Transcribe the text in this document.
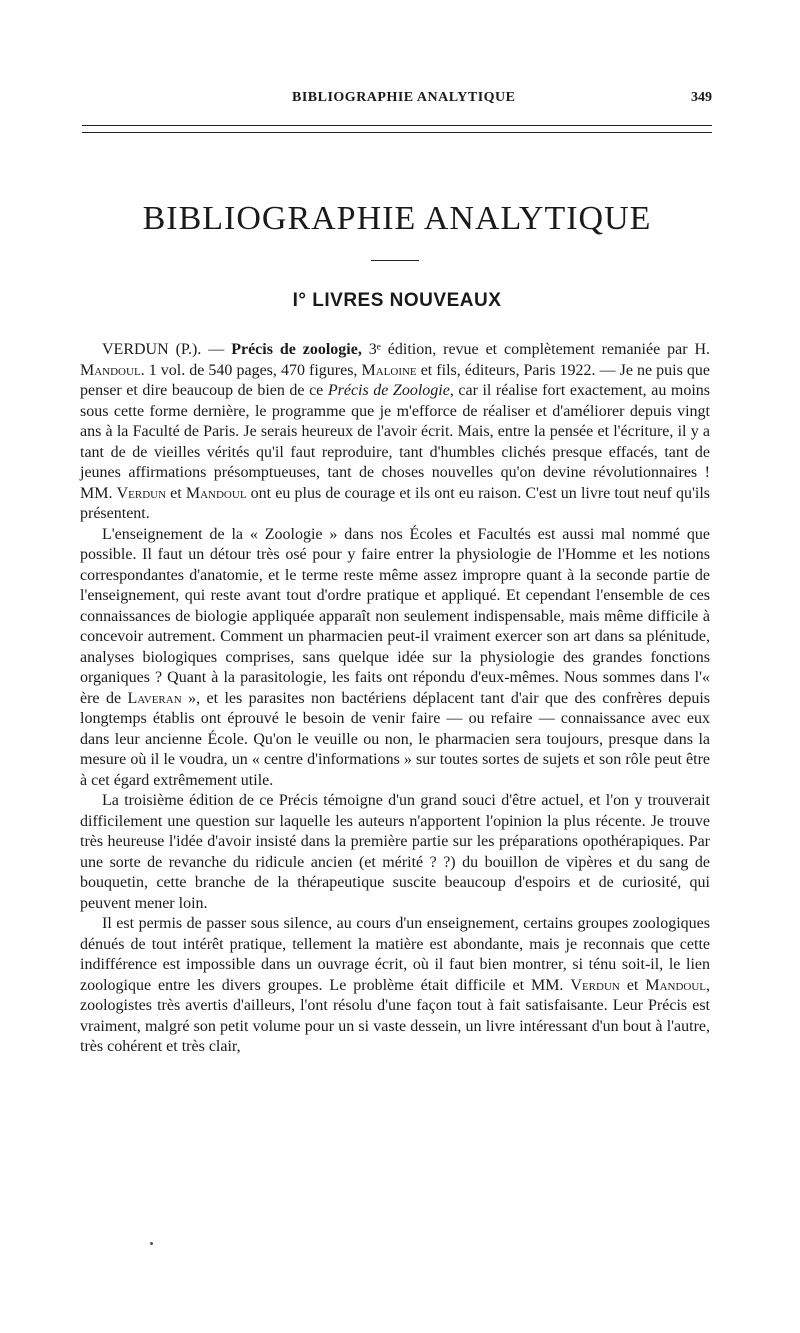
BIBLIOGRAPHIE ANALYTIQUE	349
BIBLIOGRAPHIE ANALYTIQUE
I° LIVRES NOUVEAUX

VERDUN (P.). — Précis de zoologie, 3ᵉ édition, revue et complètement remaniée par H. Mandoul. 1 vol. de 540 pages, 470 figures, Maloine et fils, éditeurs, Paris 1922. — Je ne puis que penser et dire beaucoup de bien de ce Précis de Zoologie, car il réalise fort exactement, au moins sous cette forme dernière, le programme que je m'efforce de réaliser et d'améliorer depuis vingt ans à la Faculté de Paris. Je serais heureux de l'avoir écrit. Mais, entre la pensée et l'écriture, il y a tant de de vieilles vérités qu'il faut reproduire, tant d'humbles clichés presque effacés, tant de jeunes affirmations présomptueuses, tant de choses nouvelles qu'on devine révolutionnaires ! MM. Verdun et Mandoul ont eu plus de courage et ils ont eu raison. C'est un livre tout neuf qu'ils présentent.

L'enseignement de la « Zoologie » dans nos Écoles et Facultés est aussi mal nommé que possible. Il faut un détour très osé pour y faire entrer la physiologie de l'Homme et les notions correspondantes d'anatomie, et le terme reste même assez impropre quant à la seconde partie de l'enseignement, qui reste avant tout d'ordre pratique et appliqué. Et cependant l'ensemble de ces connaissances de biologie appliquée apparaît non seulement indispensable, mais même difficile à concevoir autrement. Comment un pharmacien peut-il vraiment exercer son art dans sa plénitude, analyses biologiques comprises, sans quelque idée sur la physiologie des grandes fonctions organiques ? Quant à la parasitologie, les faits ont répondu d'eux-mêmes. Nous sommes dans l'« ère de Laveran », et les parasites non bactériens déplacent tant d'air que des confrères depuis longtemps établis ont éprouvé le besoin de venir faire — ou refaire — connaissance avec eux dans leur ancienne École. Qu'on le veuille ou non, le pharmacien sera toujours, presque dans la mesure où il le voudra, un « centre d'informations » sur toutes sortes de sujets et son rôle peut être à cet égard extrêmement utile.

La troisième édition de ce Précis témoigne d'un grand souci d'être actuel, et l'on y trouverait difficilement une question sur laquelle les auteurs n'apportent l'opinion la plus récente. Je trouve très heureuse l'idée d'avoir insisté dans la première partie sur les préparations opothérapiques. Par une sorte de revanche du ridicule ancien (et mérité ? ?) du bouillon de vipères et du sang de bouquetin, cette branche de la thérapeutique suscite beaucoup d'espoirs et de curiosité, qui peuvent mener loin.

Il est permis de passer sous silence, au cours d'un enseignement, certains groupes zoologiques dénués de tout intérêt pratique, tellement la matière est abondante, mais je reconnais que cette indifférence est impossible dans un ouvrage écrit, où il faut bien montrer, si ténu soit-il, le lien zoologique entre les divers groupes. Le problème était difficile et MM. Verdun et Mandoul, zoologistes très avertis d'ailleurs, l'ont résolu d'une façon tout à fait satisfaisante. Leur Précis est vraiment, malgré son petit volume pour un si vaste dessein, un livre intéressant d'un bout à l'autre, très cohérent et très clair,
